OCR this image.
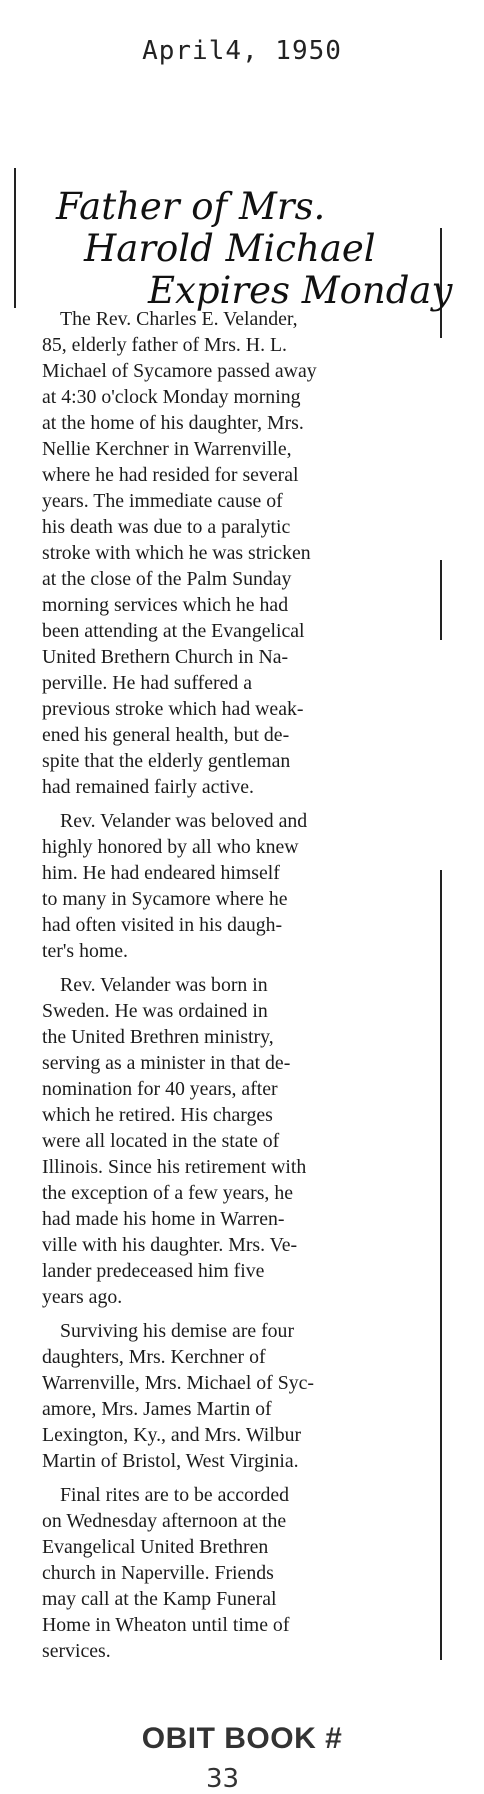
April4, 1950
Father of Mrs.
Harold Michael
Expires Monday

The Rev. Charles E. Velander,
85, elderly father of Mrs. H. L.
Michael of Sycamore passed away
at 4:30 o'clock Monday morning
at the home of his daughter, Mrs.
Nellie Kerchner in Warrenville,
where he had resided for several
years. The immediate cause of
his death was due to a paralytic
stroke with which he was stricken
at the close of the Palm Sunday
morning services which he had
been attending at the Evangelical
United Brethern Church in Na-
perville. He had suffered a
previous stroke which had weak-
ened his general health, but de-
spite that the elderly gentleman
had remained fairly active.

Rev. Velander was beloved and
highly honored by all who knew
him. He had endeared himself
to many in Sycamore where he
had often visited in his daugh-
ter's home.

Rev. Velander was born in
Sweden. He was ordained in
the United Brethren ministry,
serving as a minister in that de-
nomination for 40 years, after
which he retired. His charges
were all located in the state of
Illinois. Since his retirement with
the exception of a few years, he
had made his home in Warren-
ville with his daughter. Mrs. Ve-
lander predeceased him five
years ago.

Surviving his demise are four
daughters, Mrs. Kerchner of
Warrenville, Mrs. Michael of Syc-
amore, Mrs. James Martin of
Lexington, Ky., and Mrs. Wilbur
Martin of Bristol, West Virginia.

Final rites are to be accorded
on Wednesday afternoon at the
Evangelical United Brethren
church in Naperville. Friends
may call at the Kamp Funeral
Home in Wheaton until time of
services.

OBIT BOOK #
33
